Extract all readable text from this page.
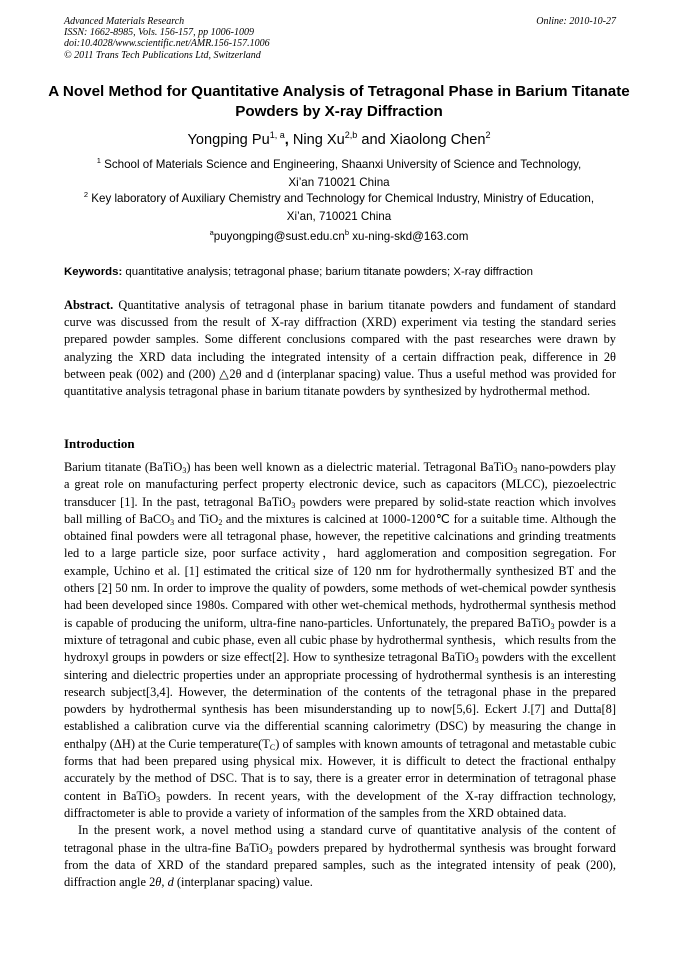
Advanced Materials Research	Online: 2010-10-27
ISSN: 1662-8985, Vols. 156-157, pp 1006-1009
doi:10.4028/www.scientific.net/AMR.156-157.1006
© 2011 Trans Tech Publications Ltd, Switzerland
A Novel Method for Quantitative Analysis of Tetragonal Phase in Barium Titanate Powders by X-ray Diffraction
Yongping Pu$^{1, a}$, Ning Xu$^{2,b}$ and Xiaolong Chen$^2$
$^1$ School of Materials Science and Engineering, Shaanxi University of Science and Technology,
Xi’an 710021 China
$^2$ Key laboratory of Auxiliary Chemistry and Technology for Chemical Industry, Ministry of Education,
Xi’an, 710021 China
$^apuyongping@sust.edu.cn^b$ xu-ning-skd@163.com
Keywords: quantitative analysis; tetragonal phase; barium titanate powders; X-ray diffraction

Abstract. Quantitative analysis of tetragonal phase in barium titanate powders and fundament of standard curve was discussed from the result of X-ray diffraction (XRD) experiment via testing the standard series prepared powder samples. Some different conclusions compared with the past researches were drawn by analyzing the XRD data including the integrated intensity of a certain diffraction peak, difference in 2θ between peak (002) and (200) △2θ and d (interplanar spacing) value. Thus a useful method was provided for quantitative analysis tetragonal phase in barium titanate powders by synthesized by hydrothermal method.

Introduction

Barium titanate (BaTiO$_3$) has been well known as a dielectric material. Tetragonal BaTiO$_3$ nano-powders play a great role on manufacturing perfect property electronic device, such as capacitors (MLCC), piezoelectric transducer [1]. In the past, tetragonal BaTiO$_3$ powders were prepared by solid-state reaction which involves ball milling of BaCO$_3$ and TiO$_2$ and the mixtures is calcined at 1000-1200℃ for a suitable time. Although the obtained final powders were all tetragonal phase, however, the repetitive calcinations and grinding treatments led to a large particle size, poor surface activity，hard agglomeration and composition segregation. For example, Uchino et al. [1] estimated the critical size of 120 nm for hydrothermally synthesized BT and the others [2] 50 nm. In order to improve the quality of powders, some methods of wet-chemical powder synthesis had been developed since 1980s. Compared with other wet-chemical methods, hydrothermal synthesis method is capable of producing the uniform, ultra-fine nano-particles. Unfortunately, the prepared BaTiO$_3$ powder is a mixture of tetragonal and cubic phase, even all cubic phase by hydrothermal synthesis，which results from the hydroxyl groups in powders or size effect[2]. How to synthesize tetragonal BaTiO$_3$ powders with the excellent sintering and dielectric properties under an appropriate processing of hydrothermal synthesis is an interesting research subject[3,4]. However, the determination of the contents of the tetragonal phase in the prepared powders by hydrothermal synthesis has been misunderstanding up to now[5,6]. Eckert J.[7] and Dutta[8] established a calibration curve via the differential scanning calorimetry (DSC) by measuring the change in enthalpy (ΔH) at the Curie $temperature(T_C)$ of samples with known amounts of tetragonal and metastable cubic forms that had been prepared using physical mix. However, it is difficult to detect the fractional enthalpy accurately by the method of DSC. That is to say, there is a greater error in determination of tetragonal phase content in BaTiO$_3$ powders. In recent years, with the development of the X-ray diffraction technology, diffractometer is able to provide a variety of information of the samples from the XRD obtained data.

In the present work, a novel method using a standard curve of quantitative analysis of the content of tetragonal phase in the ultra-fine BaTiO$_3$ powders prepared by hydrothermal synthesis was brought forward from the data of XRD of the standard prepared samples, such as the integrated intensity of peak (200), diffraction angle 2θ, d (interplanar spacing) value.
